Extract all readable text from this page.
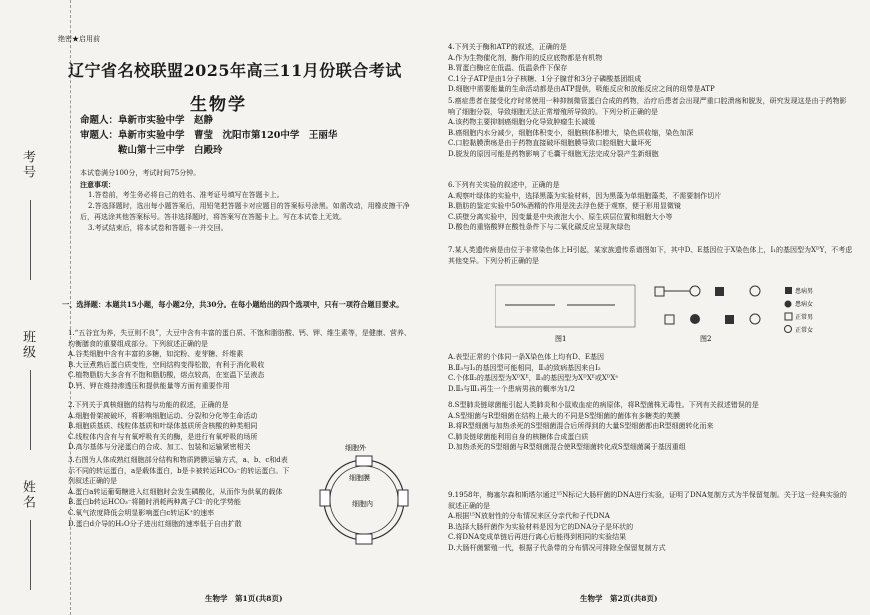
考号
班级
姓名
绝密★启用前
辽宁省名校联盟2025年高三11月份联合考试
生物学
命题人：阜新市实验中学　赵静
审题人：阜新市实验中学　曹莹　沈阳市第120中学　王丽华
　　　　鞍山第十三中学　白殿玲

本试卷满分100分，考试时间75分钟。

注意事项：

1.答卷前，考生务必将自己的姓名、准考证号填写在答题卡上。

2.答选择题时，选出每小题答案后，用铅笔把答题卡对应题目的答案标号涂黑。如需改动，用橡皮擦干净后，再选涂其他答案标号。答非选择题时，将答案写在答题卡上。写在本试卷上无效。

3.考试结束后，将本试卷和答题卡一并交回。

一、选择题：本题共15小题，每小题2分，共30分。在每小题给出的四个选项中，只有一项符合题目要求。

1.“五谷宜为养，失豆则不良”，大豆中含有丰富的蛋白质、不饱和脂肪酸、钙、钾、维生素等，是健康、营养、均衡膳食的重要组成部分。下列叙述正确的是

A.谷类细胞中含有丰富的多糖，如淀粉、麦芽糖、纤维素

B.大豆煮熟后蛋白质变性，空间结构变得松散，有利于消化吸收

C.植物脂肪大多含有不饱和脂肪酸，熔点较高，在室温下呈液态

D.钙、钾在维持渗透压和提供能量等方面有重要作用

2.下列关于真核细胞的结构与功能的叙述，正确的是

A.细胞骨架被破坏，将影响细胞运动、分裂和分化等生命活动

B.细胞质基质、线粒体基质和叶绿体基质所含核酸的种类相同

C.线粒体内含有与有氧呼吸有关的酶，是进行有氧呼吸的场所

D.高尔基体与分泌蛋白的合成、加工、包装和运输紧密相关

3.右图为人体成熟红细胞部分结构和物质跨膜运输方式，a、b、c和d表示不同的转运蛋白，a是载体蛋白，b是卡被转运HCO₃⁻的转运蛋白。下列叙述正确的是

A.蛋白a转运葡萄糖进入红细胞时会发生磷酸化，从而作为供氧的载体

B.蛋白b转运HCO₃⁻将随时消耗两种离子Cl⁻的化学势能

C.氧气浓度降低会明显影响蛋白c转运K⁺的速率

D.蛋白d介导的H₂O分子进出红细胞的速率低于自由扩散

细胞外
细胞膜
细胞内
生物学　第1页(共8页)

4.下列关于酶和ATP的叙述，正确的是

A.作为生物催化剂，酶作用的反应底物都是有机物

B.胃蛋白酶应在低温、低温条件下保存

C.1分子ATP是由1分子核糖、1分子腺苷和3分子磷酸基团组成

D.细胞中需要能量的生命活动都是由ATP提供，吸能反应和放能反应之间的纽带是ATP

5.癌症患者在接受化疗时常使用一种抑制微管蛋白合成的药物，治疗后患者会出现严重口腔溃疡和脱发，研究发现这是由于药物影响了细胞分裂，导致细胞无法正常增殖所导致的。下列分析正确的是

A.该药物主要抑制癌细胞分化导致肿瘤生长减缓

B.癌细胞内水分减少，细胞体积变小，细胞核体积增大，染色质收缩，染色加深

C.口腔黏膜溃疡是由于药物直接破坏细胞膜导致口腔细胞大量坏死

D.脱发的原因可能是药物影响了毛囊干细胞无法完成分裂产生新细胞

6.下列有关实验的叙述中，正确的是

A.观察叶绿体的实验中，选择黑藻为实验材料，因为黑藻为单细胞藻类，不需要制作切片

B.脂肪的鉴定实验中50%酒精的作用是洗去浮色便于观察，便于形用显微镜

C.质壁分离实验中，因变量是中央液泡大小、原生质层位置和细胞大小等

D.酸色的重铬酸钾在酸性条件下与二氧化碳反应呈现灰绿色

7.某人类遗传病是由位于非常染色体上H引起，某家族遗传系谱图如下，其中D、E基因位于X染色体上，I₁的基因型为XᴰY，不考虑其他变异。下列分析正确的是

图1	图2
患病男
患病女
正常男
正常女

A.表型正常的个体同一条X染色体上均有D、E基因

B.Ⅱ₃与Ⅰ₂的基因型可能相同，Ⅱ₃的致病基因来自Ⅰ₂

C.个体Ⅱ₂的基因型为XᴰXᴱ，Ⅱ₃的基因型为XᴰXᴱ或XᴰXᵉ

D.Ⅱ₃与Ⅲ₁再生一个患病男孩的概率为1/2

8.S型肺炎链球菌能引起人类肺炎和小鼠败血症的病原体，将R型菌株无毒性。下列有关叙述错误的是

A.S型细菌与R型细菌在结构上最大的不同是S型细菌的菌体有多糖类的荚膜

B.将R型细菌与加热杀死的S型细菌混合后所得到的大量S型细菌都由R型细菌转化而来

C.肺炎链球菌能利用自身的核糖体合成蛋白质

D.加热杀死的S型细菌与R型细菌混合使R型细菌转化成S型细菌属于基因重组

9.1958年，梅塞尔森和斯塔尔通过¹⁵N标记大肠杆菌的DNA进行实验，证明了DNA复制方式为半保留复制。关于这一经典实验的叙述正确的是

A.根据¹⁵N放射性的分布情况来区分亲代和子代DNA

B.选择大肠杆菌作为实验材料是因为它的DNA分子是环状的

C.将DNA变成单链后再进行离心后能得到相同的实验结果

D.大肠杆菌繁殖一代，根据子代条带的分布情况可排除全保留复制方式

生物学　第2页(共8页)
